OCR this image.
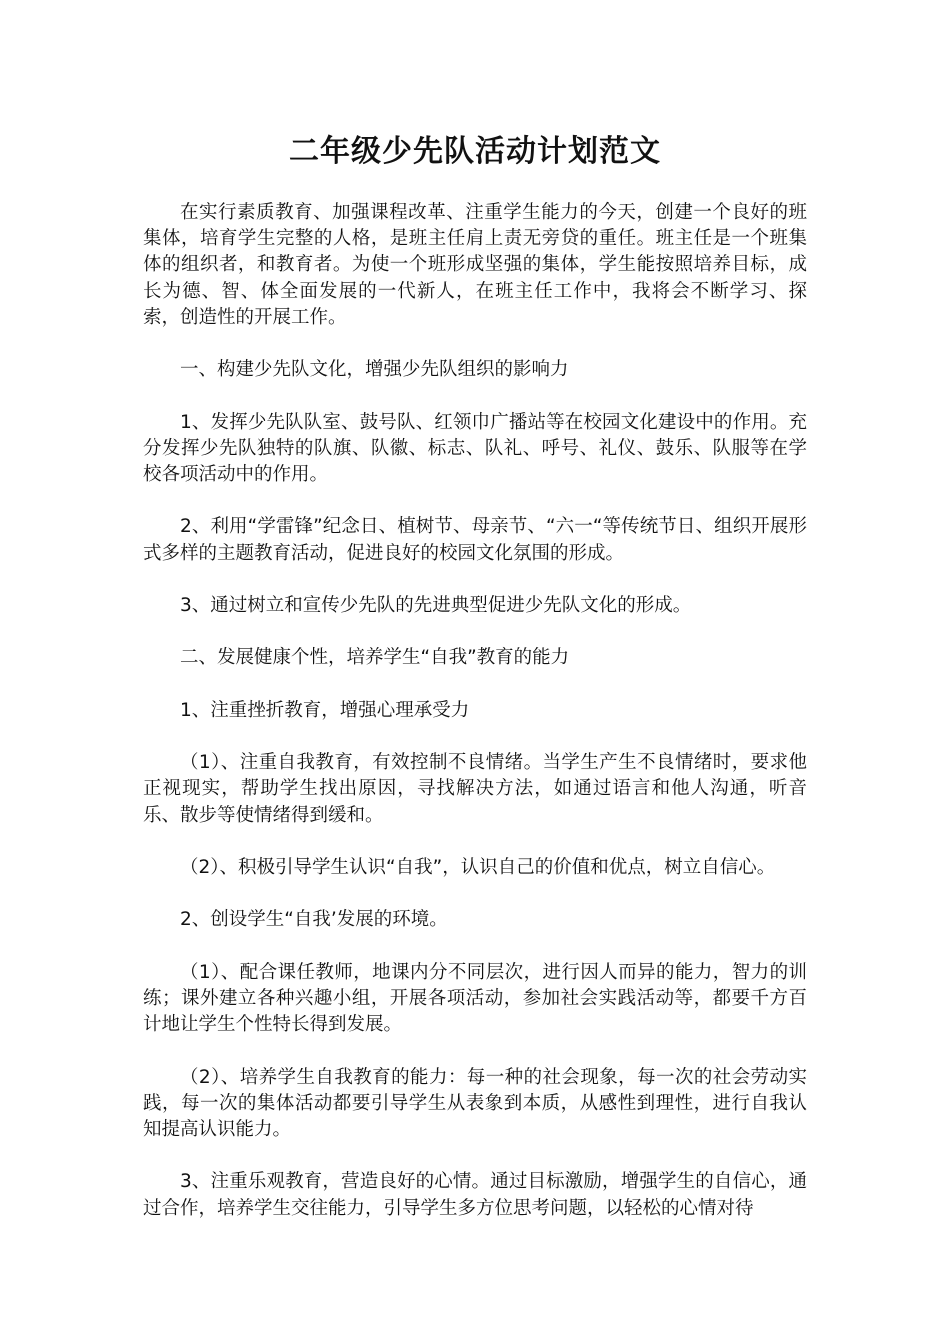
二年级少先队活动计划范文

在实行素质教育、加强课程改革、注重学生能力的今天，创建一个良好的班集体，培育学生完整的人格，是班主任肩上责无旁贷的重任。班主任是一个班集体的组织者，和教育者。为使一个班形成坚强的集体，学生能按照培养目标，成长为德、智、体全面发展的一代新人，在班主任工作中，我将会不断学习、探索，创造性的开展工作。

一、构建少先队文化，增强少先队组织的影响力

1、发挥少先队队室、鼓号队、红领巾广播站等在校园文化建设中的作用。充分发挥少先队独特的队旗、队徽、标志、队礼、呼号、礼仪、鼓乐、队服等在学校各项活动中的作用。

2、利用“学雷锋”纪念日、植树节、母亲节、“六一“等传统节日、组织开展形式多样的主题教育活动，促进良好的校园文化氛围的形成。

3、通过树立和宣传少先队的先进典型促进少先队文化的形成。

二、发展健康个性，培养学生“自我”教育的能力

1、注重挫折教育，增强心理承受力

（1）、注重自我教育，有效控制不良情绪。当学生产生不良情绪时，要求他正视现实，帮助学生找出原因，寻找解决方法，如通过语言和他人沟通，听音乐、散步等使情绪得到缓和。

（2）、积极引导学生认识“自我”，认识自己的价值和优点，树立自信心。

2、创设学生“自我’发展的环境。

（1）、配合课任教师，地课内分不同层次，进行因人而异的能力，智力的训练；课外建立各种兴趣小组，开展各项活动，参加社会实践活动等，都要千方百计地让学生个性特长得到发展。

（2）、培养学生自我教育的能力：每一种的社会现象，每一次的社会劳动实践，每一次的集体活动都要引导学生从表象到本质，从感性到理性，进行自我认知提高认识能力。

3、注重乐观教育，营造良好的心情。通过目标激励，增强学生的自信心，通过合作，培养学生交往能力，引导学生多方位思考问题，以轻松的心情对待
